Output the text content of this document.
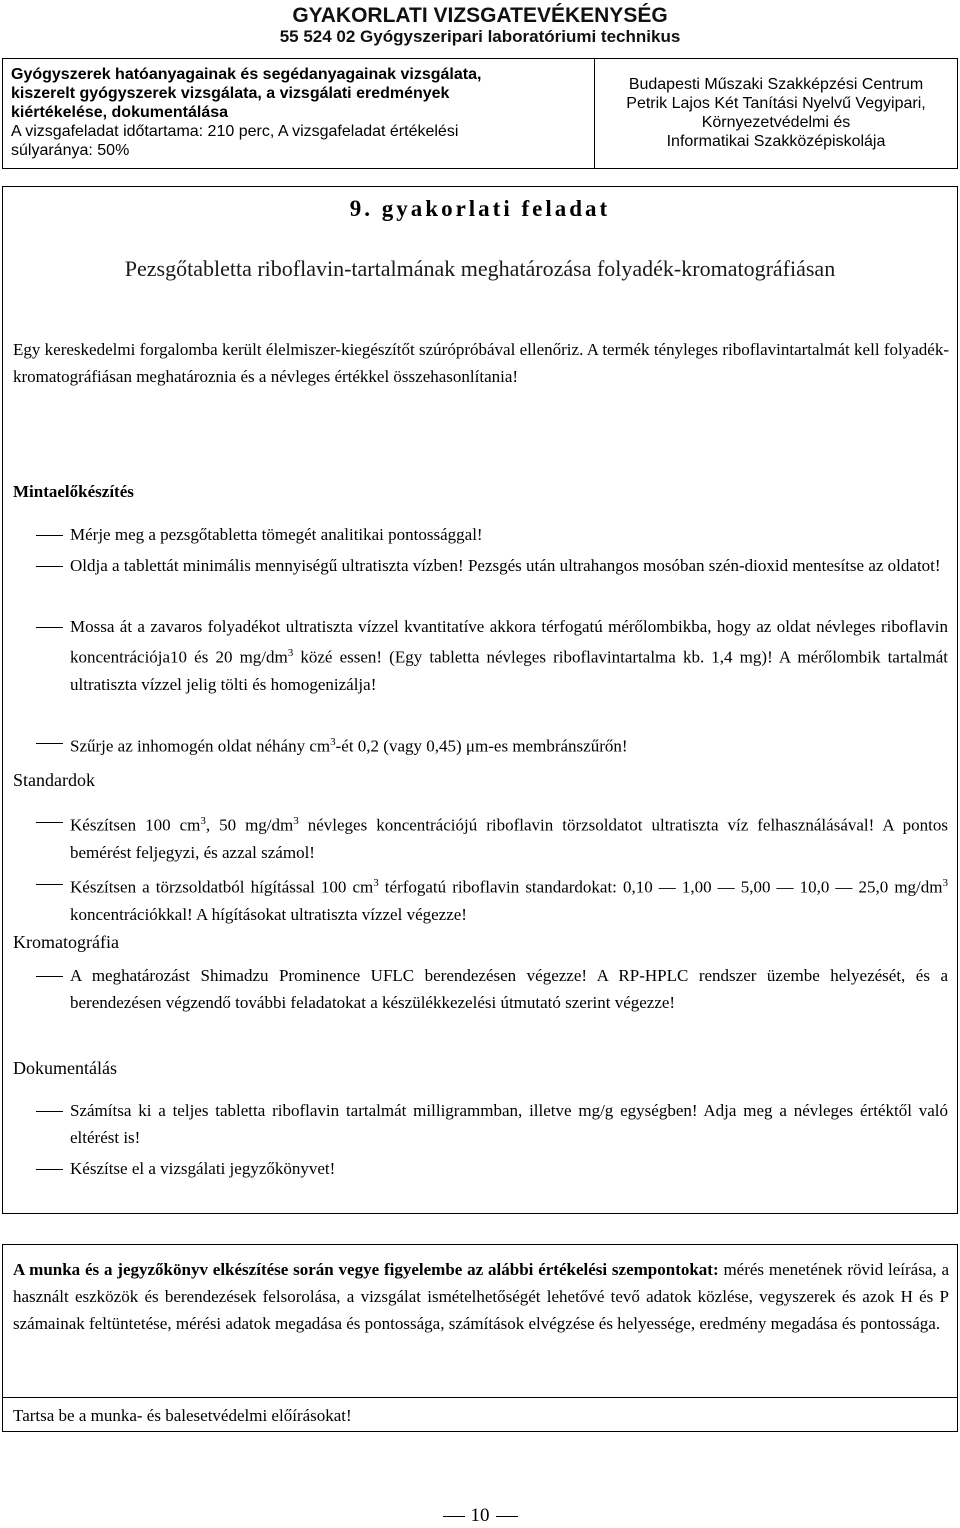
GYAKORLATI VIZSGATEVÉKENYSÉG
55 524 02 Gyógyszeripari laboratóriumi technikus
Gyógyszerek hatóanyagainak és segédanyagainak vizsgálata,
kiszerelt gyógyszerek vizsgálata, a vizsgálati eredmények
kiértékelése, dokumentálása
A vizsgafeladat időtartama: 210 perc, A vizsgafeladat értékelési
súlyaránya: 50%
Budapesti Műszaki Szakképzési Centrum
Petrik Lajos Két Tanítási Nyelvű Vegyipari,
Környezetvédelmi és
Informatikai Szakközépiskolája
9. gyakorlati feladat
Pezsgőtabletta riboflavin-tartalmának meghatározása folyadék-kromatográfiásan
Egy kereskedelmi forgalomba került élelmiszer-kiegészítőt szúrópróbával ellenőriz. A termék tényleges riboflavintartalmát kell folyadék-kromatográfiásan meghatároznia és a névleges értékkel összehasonlítania!
Mintaelőkészítés
Mérje meg a pezsgőtabletta tömegét analitikai pontossággal!
Oldja a tablettát minimális mennyiségű ultratiszta vízben! Pezsgés után ultrahangos mosóban szén-dioxid mentesítse az oldatot!
Mossa át a zavaros folyadékot ultratiszta vízzel kvantitatíve akkora térfogatú mérőlombikba, hogy az oldat névleges riboflavin koncentrációja10 és 20 $mg/dm^3$ közé essen! (Egy tabletta névleges riboflavintartalma kb. 1,4 mg)! A mérőlombik tartalmát ultratiszta vízzel jelig tölti és homogenizálja!
Szűrje az inhomogén oldat néhány $cm^3-ét$ 0,2 (vagy 0,45) μm-es membránszűrőn!
Standardok
Készítsen 100 $cm^3$, 50 $mg/dm^3$ névleges koncentrációjú riboflavin törzsoldatot ultratiszta víz felhasználásával! A pontos bemérést feljegyzi, és azzal számol!
Készítsen a törzsoldatból hígítással 100 $cm^3$ térfogatú riboflavin standardokat: 0,10 — 1,00 — 5,00 — 10,0 — 25,0 $mg/dm^3$ koncentrációkkal! A hígításokat ultratiszta vízzel végezze!
Kromatográfia
A meghatározást Shimadzu Prominence UFLC berendezésen végezze! A RP-HPLC rendszer üzembe helyezését, és a berendezésen végzendő további feladatokat a készülékkezelési útmutató szerint végezze!
Dokumentálás
Számítsa ki a teljes tabletta riboflavin tartalmát milligrammban, illetve mg/g egységben! Adja meg a névleges értéktől való eltérést is!
Készítse el a vizsgálati jegyzőkönyvet!
A munka és a jegyzőkönyv elkészítése során vegye figyelembe az alábbi értékelési szempontokat: mérés menetének rövid leírása, a használt eszközök és berendezések felsorolása, a vizsgálat ismételhetőségét lehetővé tevő adatok közlése, vegyszerek és azok H és P számainak feltüntetése, mérési adatok megadása és pontossága, számítások elvégzése és helyessége, eredmény megadása és pontossága.
Tartsa be a munka- és balesetvédelmi előírásokat!
10
